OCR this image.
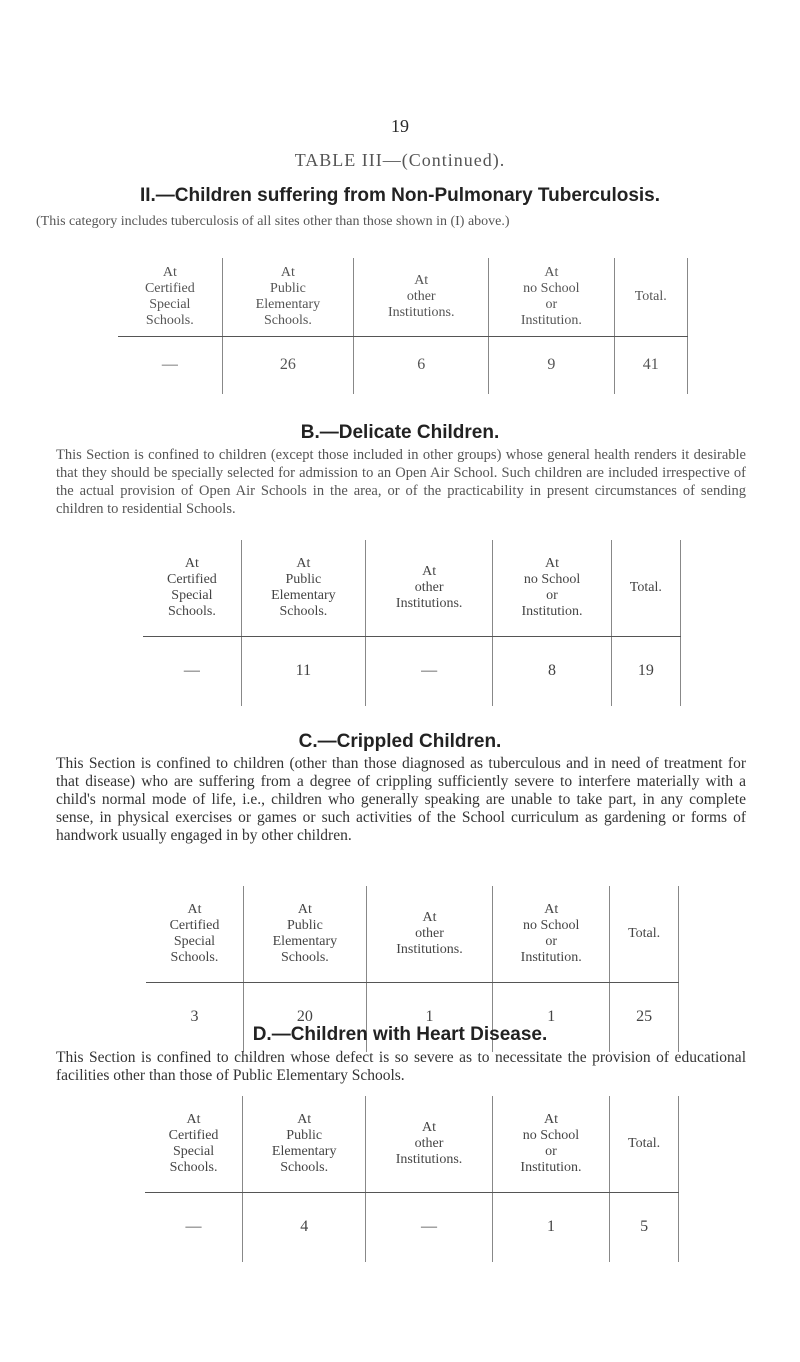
19
TABLE III—(Continued).
II.—Children suffering from Non-Pulmonary Tuberculosis.
(This category includes tuberculosis of all sites other than those shown in (I) above.)
At
Certified
Special
Schools.	At
Public
Elementary
Schools.	At
other
Institutions.	At
no School
or
Institution.	Total.
—	26	6	9	41
B.—Delicate Children.
This Section is confined to children (except those included in other groups) whose general health renders it desirable that they should be specially selected for admission to an Open Air School. Such children are included irrespective of the actual provision of Open Air Schools in the area, or of the practicability in present circumstances of sending children to residential Schools.
At
Certified
Special
Schools.	At
Public
Elementary
Schools.	At
other
Institutions.	At
no School
or
Institution.	Total.
—	11	—	8	19
C.—Crippled Children.
This Section is confined to children (other than those diagnosed as tuberculous and in need of treatment for that disease) who are suffering from a degree of crippling sufficiently severe to interfere materially with a child's normal mode of life, i.e., children who generally speaking are unable to take part, in any complete sense, in physical exercises or games or such activities of the School curriculum as gardening or forms of handwork usually engaged in by other children.
At
Certified
Special
Schools.	At
Public
Elementary
Schools.	At
other
Institutions.	At
no School
or
Institution.	Total.
3	20	1	1	25
D.—Children with Heart Disease.
This Section is confined to children whose defect is so severe as to necessitate the provision of educational facilities other than those of Public Elementary Schools.
At
Certified
Special
Schools.	At
Public
Elementary
Schools.	At
other
Institutions.	At
no School
or
Institution.	Total.
—	4	—	1	5
